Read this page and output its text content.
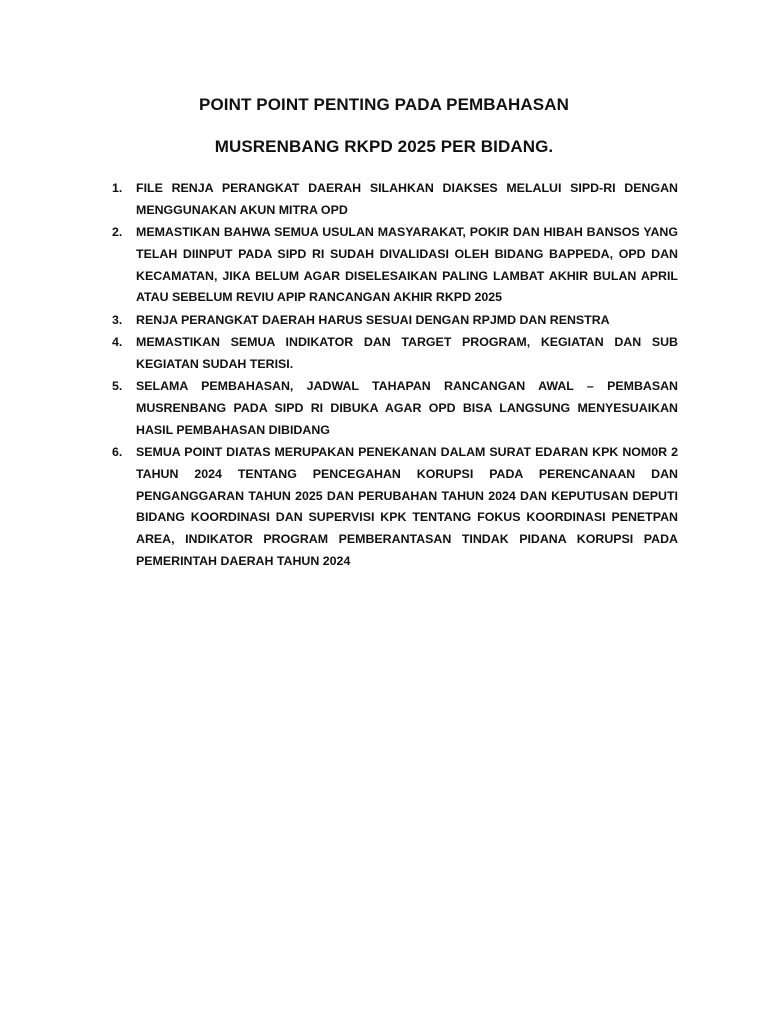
POINT POINT PENTING PADA PEMBAHASAN
MUSRENBANG RKPD 2025 PER BIDANG.
1.	FILE RENJA PERANGKAT DAERAH SILAHKAN DIAKSES MELALUI SIPD-RI DENGAN MENGGUNAKAN AKUN MITRA OPD
2.	MEMASTIKAN BAHWA SEMUA USULAN MASYARAKAT, POKIR DAN HIBAH BANSOS YANG TELAH DIINPUT PADA SIPD RI SUDAH DIVALIDASI OLEH BIDANG BAPPEDA, OPD DAN KECAMATAN, JIKA BELUM AGAR DISELESAIKAN PALING LAMBAT AKHIR BULAN APRIL ATAU SEBELUM REVIU APIP RANCANGAN AKHIR RKPD 2025
3.	RENJA PERANGKAT DAERAH HARUS SESUAI DENGAN RPJMD DAN RENSTRA
4.	MEMASTIKAN SEMUA INDIKATOR DAN TARGET PROGRAM, KEGIATAN DAN SUB KEGIATAN SUDAH TERISI.
5.	SELAMA PEMBAHASAN, JADWAL TAHAPAN RANCANGAN AWAL – PEMBASAN MUSRENBANG PADA SIPD RI DIBUKA AGAR OPD BISA LANGSUNG MENYESUAIKAN HASIL PEMBAHASAN DIBIDANG
6.	SEMUA POINT DIATAS MERUPAKAN PENEKANAN DALAM SURAT EDARAN KPK NOM0R 2 TAHUN 2024 TENTANG PENCEGAHAN KORUPSI PADA PERENCANAAN DAN PENGANGGARAN TAHUN 2025 DAN PERUBAHAN TAHUN 2024 DAN KEPUTUSAN DEPUTI BIDANG KOORDINASI DAN SUPERVISI KPK TENTANG FOKUS KOORDINASI PENETPAN AREA, INDIKATOR PROGRAM PEMBERANTASAN TINDAK PIDANA KORUPSI PADA PEMERINTAH DAERAH TAHUN 2024
